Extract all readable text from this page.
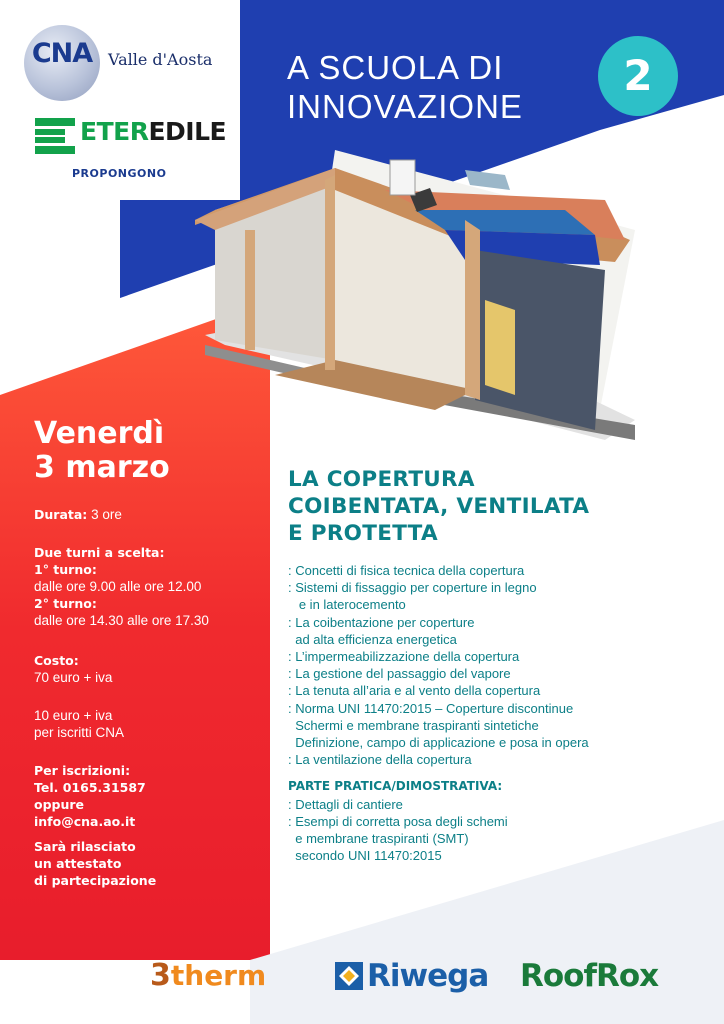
CNA Valle d'Aosta
ETEREDILE
PROPONGONO
A SCUOLA DI
INNOVAZIONE
2
Venerdì
3 marzo
Durata: 3 ore
Due turni a scelta:
1° turno:
dalle ore 9.00 alle ore 12.00
2° turno:
dalle ore 14.30 alle ore 17.30
Costo:
70 euro + iva
10 euro + iva
per iscritti CNA
Per iscrizioni:
Tel. 0165.31587
oppure
info@cna.ao.it
Sarà rilasciato
un attestato
di partecipazione
LA COPERTURA
COIBENTATA, VENTILATA
E PROTETTA
: Concetti di fisica tecnica della copertura
: Sistemi di fissaggio per coperture in legno
e in laterocemento
: La coibentazione per coperture
ad alta efficienza energetica
: L’impermeabilizzazione della copertura
: La gestione del passaggio del vapore
: La tenuta all’aria e al vento della copertura
: Norma UNI 11470:2015 – Coperture discontinue
Schermi e membrane traspiranti sintetiche
Definizione, campo di applicazione e posa in opera
: La ventilazione della copertura
PARTE PRATICA/DIMOSTRATIVA:
: Dettagli di cantiere
: Esempi di corretta posa degli schemi
e membrane traspiranti (SMT)
secondo UNI 11470:2015
3therm	Riwega RoofRox
